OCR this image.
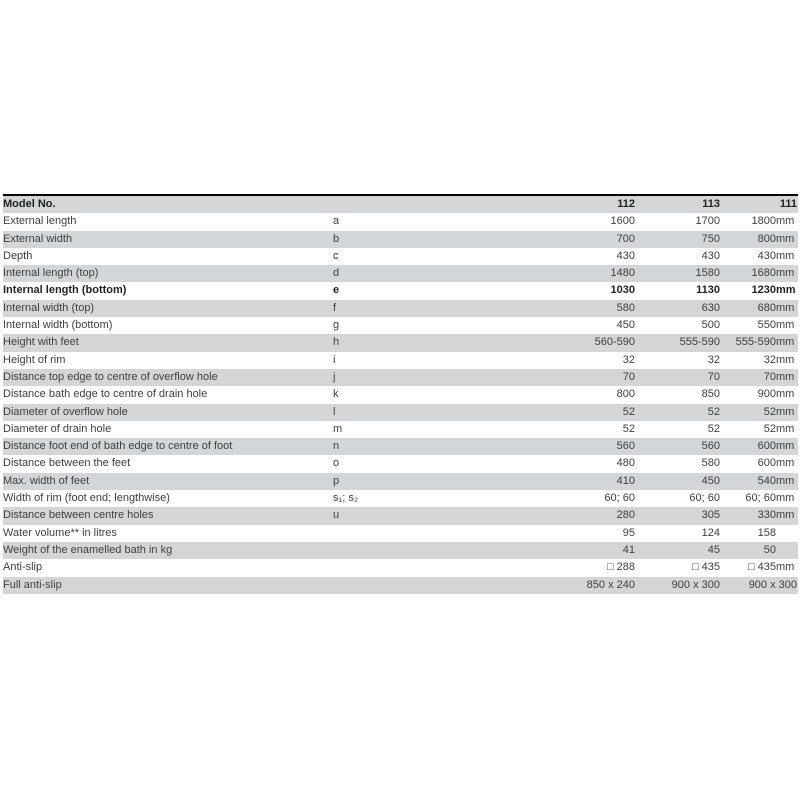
Model No.		112	113	111	
External length	a	1600	1700	1800	mm
External width	b	700	750	800	mm
Depth	c	430	430	430	mm
Internal length (top)	d	1480	1580	1680	mm
Internal length (bottom)	e	1030	1130	1230	mm
Internal width (top)	f	580	630	680	mm
Internal width (bottom)	g	450	500	550	mm
Height with feet	h	560-590	555-590	555-590	mm
Height of rim	i	32	32	32	mm
Distance top edge to centre of overflow hole	j	70	70	70	mm
Distance bath edge to centre of drain hole	k	800	850	900	mm
Diameter of overflow hole	l	52	52	52	mm
Diameter of drain hole	m	52	52	52	mm
Distance foot end of bath edge to centre of foot	n	560	560	600	mm
Distance between the feet	o	480	580	600	mm
Max. width of feet	p	410	450	540	mm
Width of rim (foot end; lengthwise)	s₁; s₂	60; 60	60; 60	60; 60	mm
Distance between centre holes	u	280	305	330	mm
Water volume** in litres		95	124	158	
Weight of the enamelled bath in kg		41	45	50	
Anti-slip		□ 288	□ 435	□ 435	mm
Full anti-slip		850 x 240	900 x 300	900 x 300	
